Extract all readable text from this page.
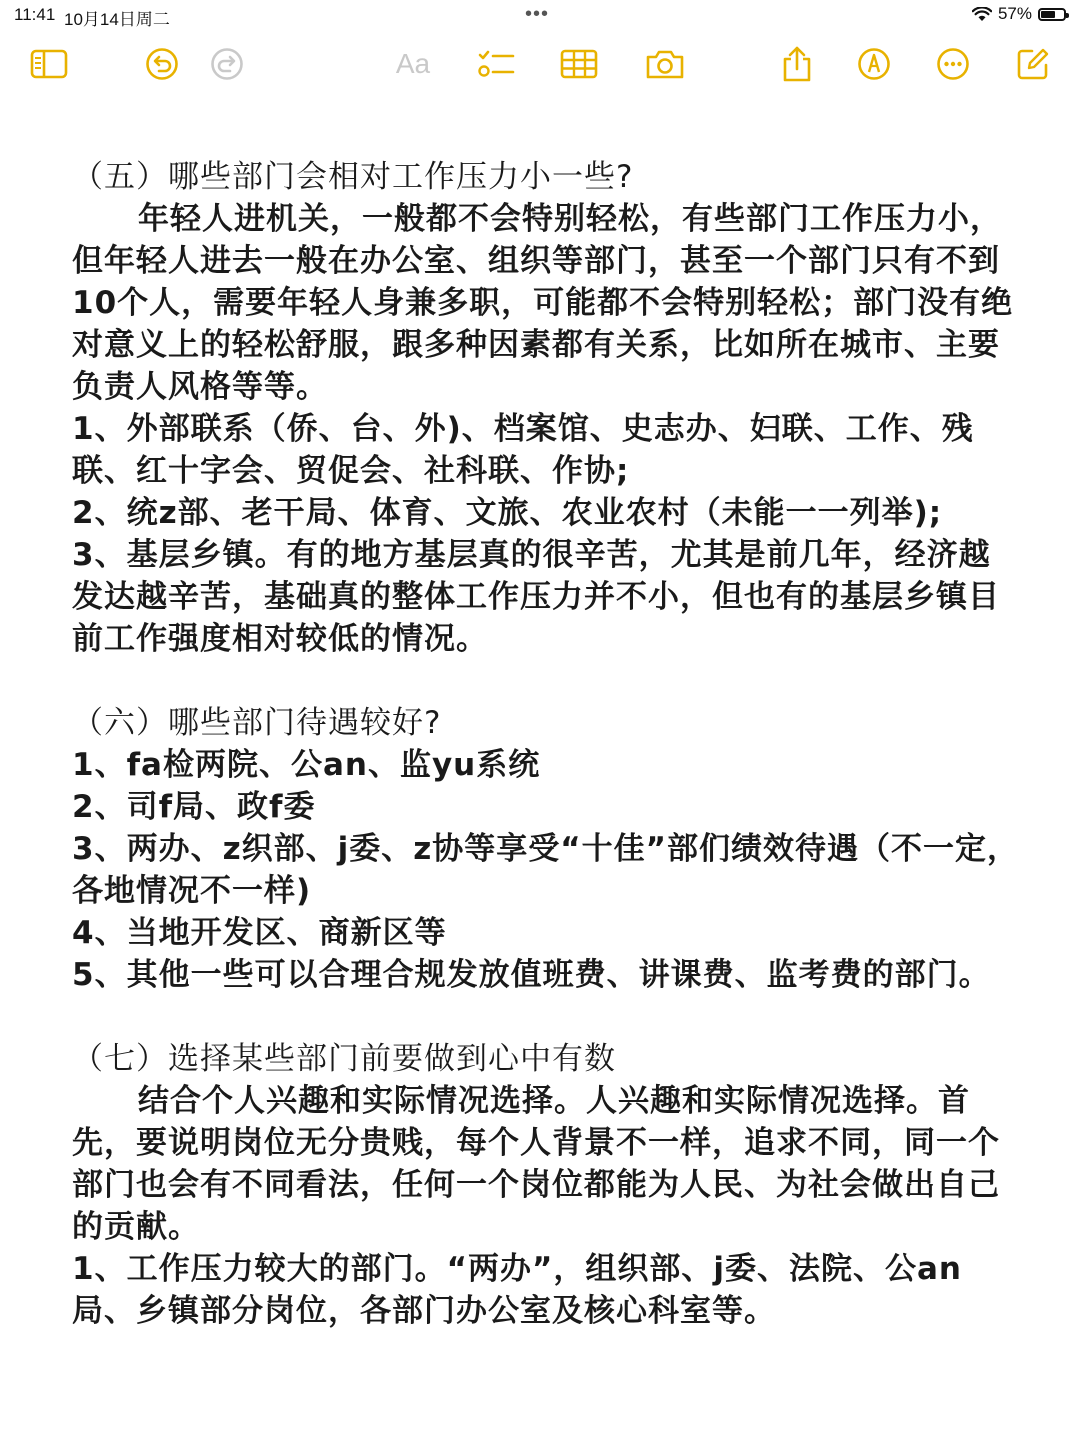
11:41 10月14日周二	•••	57%
Aa

（五）哪些部门会相对工作压力小一些?

年轻人进机关，一般都不会特别轻松，有些部门工作压力小，但年轻人进去一般在办公室、组织等部门，甚至一个部门只有不到10个人，需要年轻人身兼多职，可能都不会特别轻松；部门没有绝对意义上的轻松舒服，跟多种因素都有关系，比如所在城市、主要负责人风格等等。

1、外部联系（侨、台、外)、档案馆、史志办、妇联、工作、残联、红十字会、贸促会、社科联、作协;

2、统z部、老干局、体育、文旅、农业农村（未能一一列举);

3、基层乡镇。有的地方基层真的很辛苦，尤其是前几年，经济越发达越辛苦，基础真的整体工作压力并不小，但也有的基层乡镇目前工作强度相对较低的情况。

（六）哪些部门待遇较好?

1、fa检两院、公an、监yu系统

2、司f局、政f委

3、两办、z织部、j委、z协等享受“十佳”部们绩效待遇（不一定，各地情况不一样)

4、当地开发区、商新区等

5、其他一些可以合理合规发放值班费、讲课费、监考费的部门。

（七）选择某些部门前要做到心中有数

结合个人兴趣和实际情况选择。人兴趣和实际情况选择。首先，要说明岗位无分贵贱，每个人背景不一样，追求不同，同一个部门也会有不同看法，任何一个岗位都能为人民、为社会做出自己的贡献。

1、工作压力较大的部门。“两办”，组织部、j委、法院、公an局、乡镇部分岗位，各部门办公室及核心科室等。
